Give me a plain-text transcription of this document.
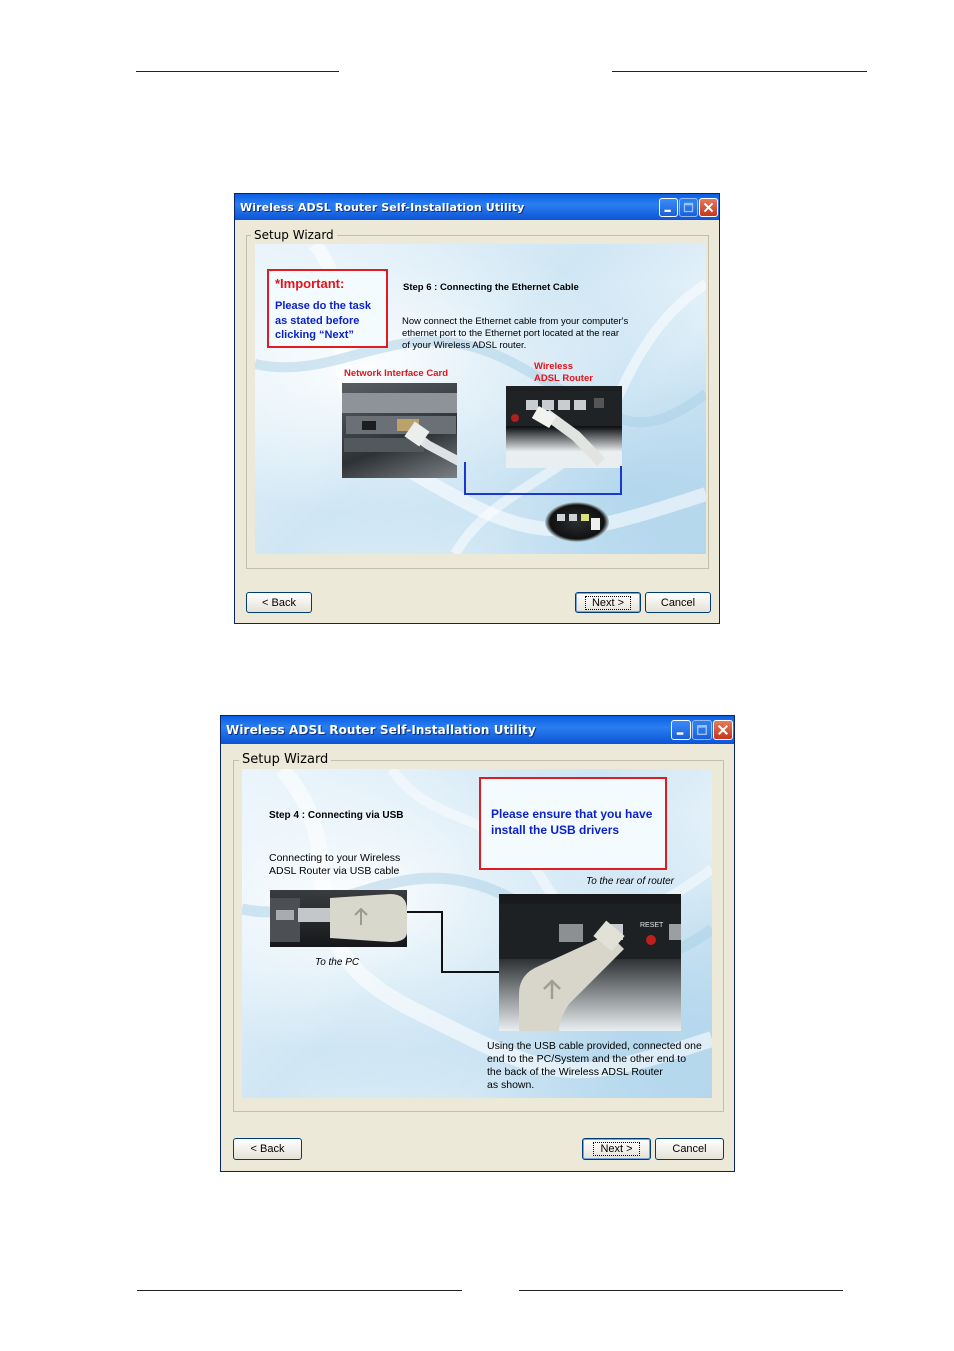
Wireless ADSL Router Self-Installation Utility
Setup Wizard
*Important:
Please do the task
as stated before
clicking “Next”
Step 6 : Connecting the Ethernet Cable
Now connect the Ethernet cable from your computer's
ethernet port to the Ethernet port located at the rear
of your Wireless ADSL router.
Network Interface Card
Wireless
ADSL Router
< Back	Next >	Cancel
Wireless ADSL Router Self-Installation Utility
Setup Wizard
Step 4 : Connecting via USB	Please ensure that you have
install the USB drivers
Connecting to your Wireless
ADSL Router via USB cable
To the rear of router
RESET
To the PC
Using the USB cable provided, connected one
end to the PC/System and the other end to
the back of the Wireless ADSL Router
as shown.
< Back	Next >	Cancel
